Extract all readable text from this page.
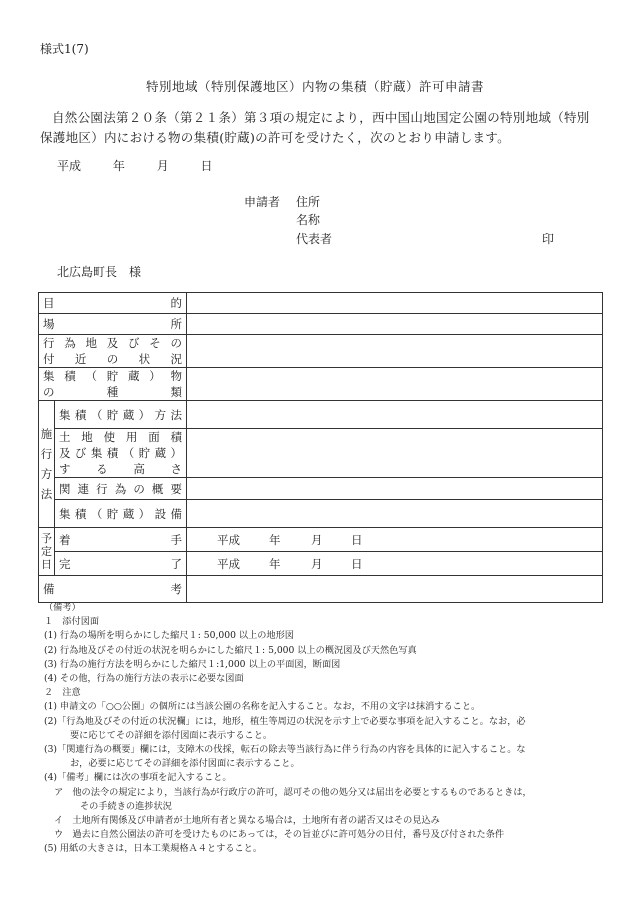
様式1(7)
特別地域（特別保護地区）内物の集積（貯蔵）許可申請書
自然公園法第２０条（第２１条）第３項の規定により，西中国山地国定公園の特別地域（特別保護地区）内における物の集積(貯蔵)の許可を受けたく，次のとおり申請します。
平成	年	月	日
申請者 住所
名称
代表者	印
北広島町長　様
目的		
場所		

行為地及びその
付近の状況		

集積（貯蔵）物
の種類		

施
行
方
法	集積（貯蔵）方法	

	土地使用面積
及び集積（貯蔵）
する高さ	

	関連行為の概要	
	集積（貯蔵）設備	

予
定
日	着手	平成 年 月 日
	完了	平成 年 月 日
備考		
（備考）
１　添付図面
(1) 行為の場所を明らかにした縮尺１: 50,000 以上の地形図
(2) 行為地及びその付近の状況を明らかにした縮尺１: 5,000 以上の概況図及び天然色写真
(3) 行為の施行方法を明らかにした縮尺１:1,000 以上の平面図，断面図
(4) その他，行為の施行方法の表示に必要な図面
２　注意
(1) 申請文の「○○公園」の個所には当該公園の名称を記入すること。なお，不用の文字は抹消すること。
(2)「行為地及びその付近の状況欄」には，地形，植生等周辺の状況を示す上で必要な事項を記入すること。なお，必
要に応じてその詳細を添付図面に表示すること。
(3)「関連行為の概要」欄には，支障木の伐採，転石の除去等当該行為に伴う行為の内容を具体的に記入すること。な
お，必要に応じてその詳細を添付図面に表示すること。
(4)「備考」欄には次の事項を記入すること。
ア　他の法令の規定により，当該行為が行政庁の許可，認可その他の処分又は届出を必要とするものであるときは，
その手続きの進捗状況
イ　土地所有関係及び申請者が土地所有者と異なる場合は，土地所有者の諾否又はその見込み
ウ　過去に自然公園法の許可を受けたものにあっては，その旨並びに許可処分の日付，番号及び付された条件
(5) 用紙の大きさは，日本工業規格Ａ４とすること。
